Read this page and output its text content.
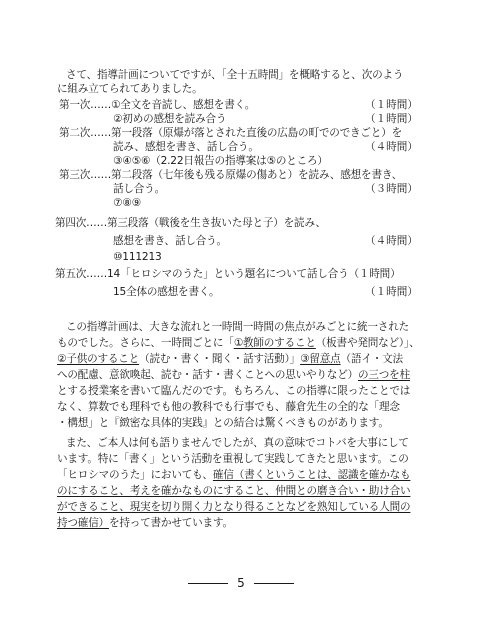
さて、指導計画についてですが、「全十五時間」を概略すると、次のよう
に組み立てられてありました。
第一次……①全文を音読し、感想を書く。	（１時間）
②初めの感想を読み合う	（１時間）
第二次……第一段落（原爆が落とされた直後の広島の町でのできごと）を
読み、感想を書き、話し合う。	（４時間）
③④⑤⑥（2.22日報告の指導案は⑤のところ）
第三次……第二段落（七年後も残る原爆の傷あと）を読み、感想を書き、
話し合う。	（３時間）
⑦⑧⑨
第四次……第三段落（戦後を生き抜いた母と子）を読み、
感想を書き、話し合う。	（４時間）
⑩111213
第五次……14「ヒロシマのうた」という題名について話し合う（１時間）
15全体の感想を書く。	（１時間）
この指導計画は、大きな流れと一時間一時間の焦点がみごとに統一された
ものでした。さらに、一時間ごとに「①教師のすること（板書や発問など）」、
②子供のすること（読む・書く・聞く・話す活動）」③留意点（語イ・文法
への配慮、意欲喚起、読む・話す・書くことへの思いやりなど）の三つを柱
とする授業案を書いて臨んだのです。もちろん、この指導に限ったことでは
なく、算数でも理科でも他の教科でも行事でも、藤倉先生の全的な「理念
・構想」と『緻密な具体的実践』との結合は驚くべきものがあります。
また、ご本人は何も語りませんでしたが、真の意味でコトバを大事にして
います。特に「書く」という活動を重視して実践してきたと思います。この
「ヒロシマのうた」においても、確信（書くということは、認識を確かなも
のにすること、考えを確かなものにすること、仲間との磨き合い・助け合い
ができること、現実を切り開く力となり得ることなどを熟知している人間の
持つ確信）を持って書かせています。
5
